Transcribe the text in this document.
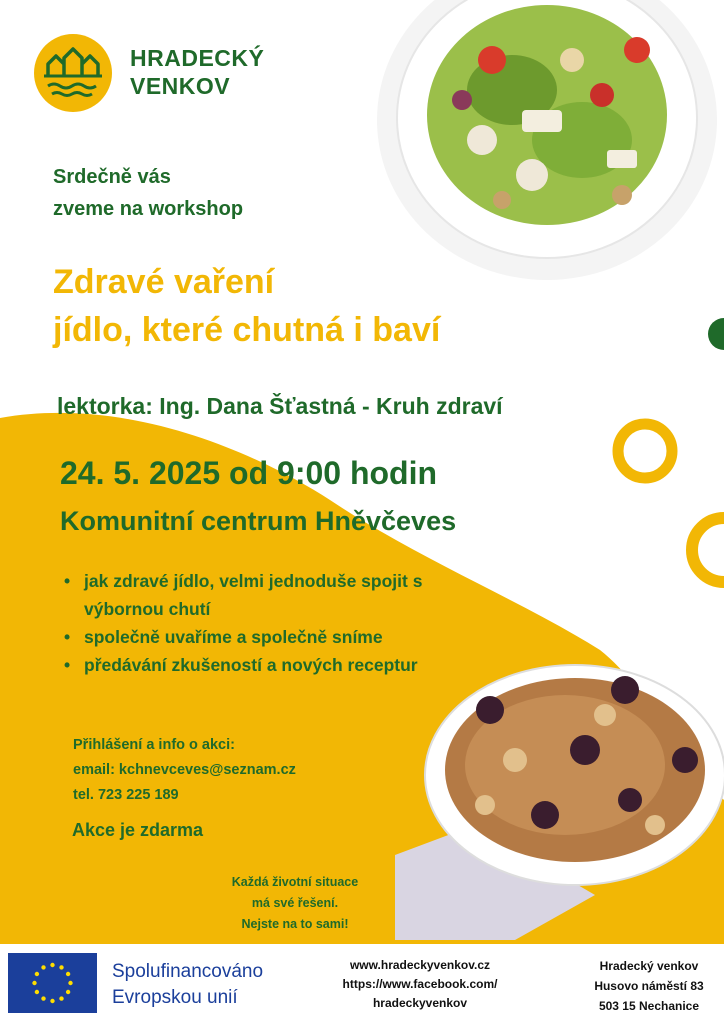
HRADECKÝ
VENKOV
Srdečně vás
zveme na workshop
Zdravé vaření
jídlo, které chutná i baví
lektorka: Ing. Dana Šťastná - Kruh zdraví
24. 5. 2025 od 9:00 hodin
Komunitní centrum Hněvčeves
• jak zdravé jídlo, velmi jednoduše spojit s výbornou chutí
• společně uvaříme a společně sníme
• předávání zkušeností a nových receptur
Přihlášení a info o akci:
email: kchnevceves@seznam.cz
tel. 723 225 189
Akce je zdarma
Každá životní situace
má své řešení.
Nejste na to sami!
Spolufinancováno
Evropskou unií
www.hradeckyvenkov.cz
https://www.facebook.com/
hradeckyvenkov
Hradecký venkov
Husovo náměstí 83
503 15 Nechanice
